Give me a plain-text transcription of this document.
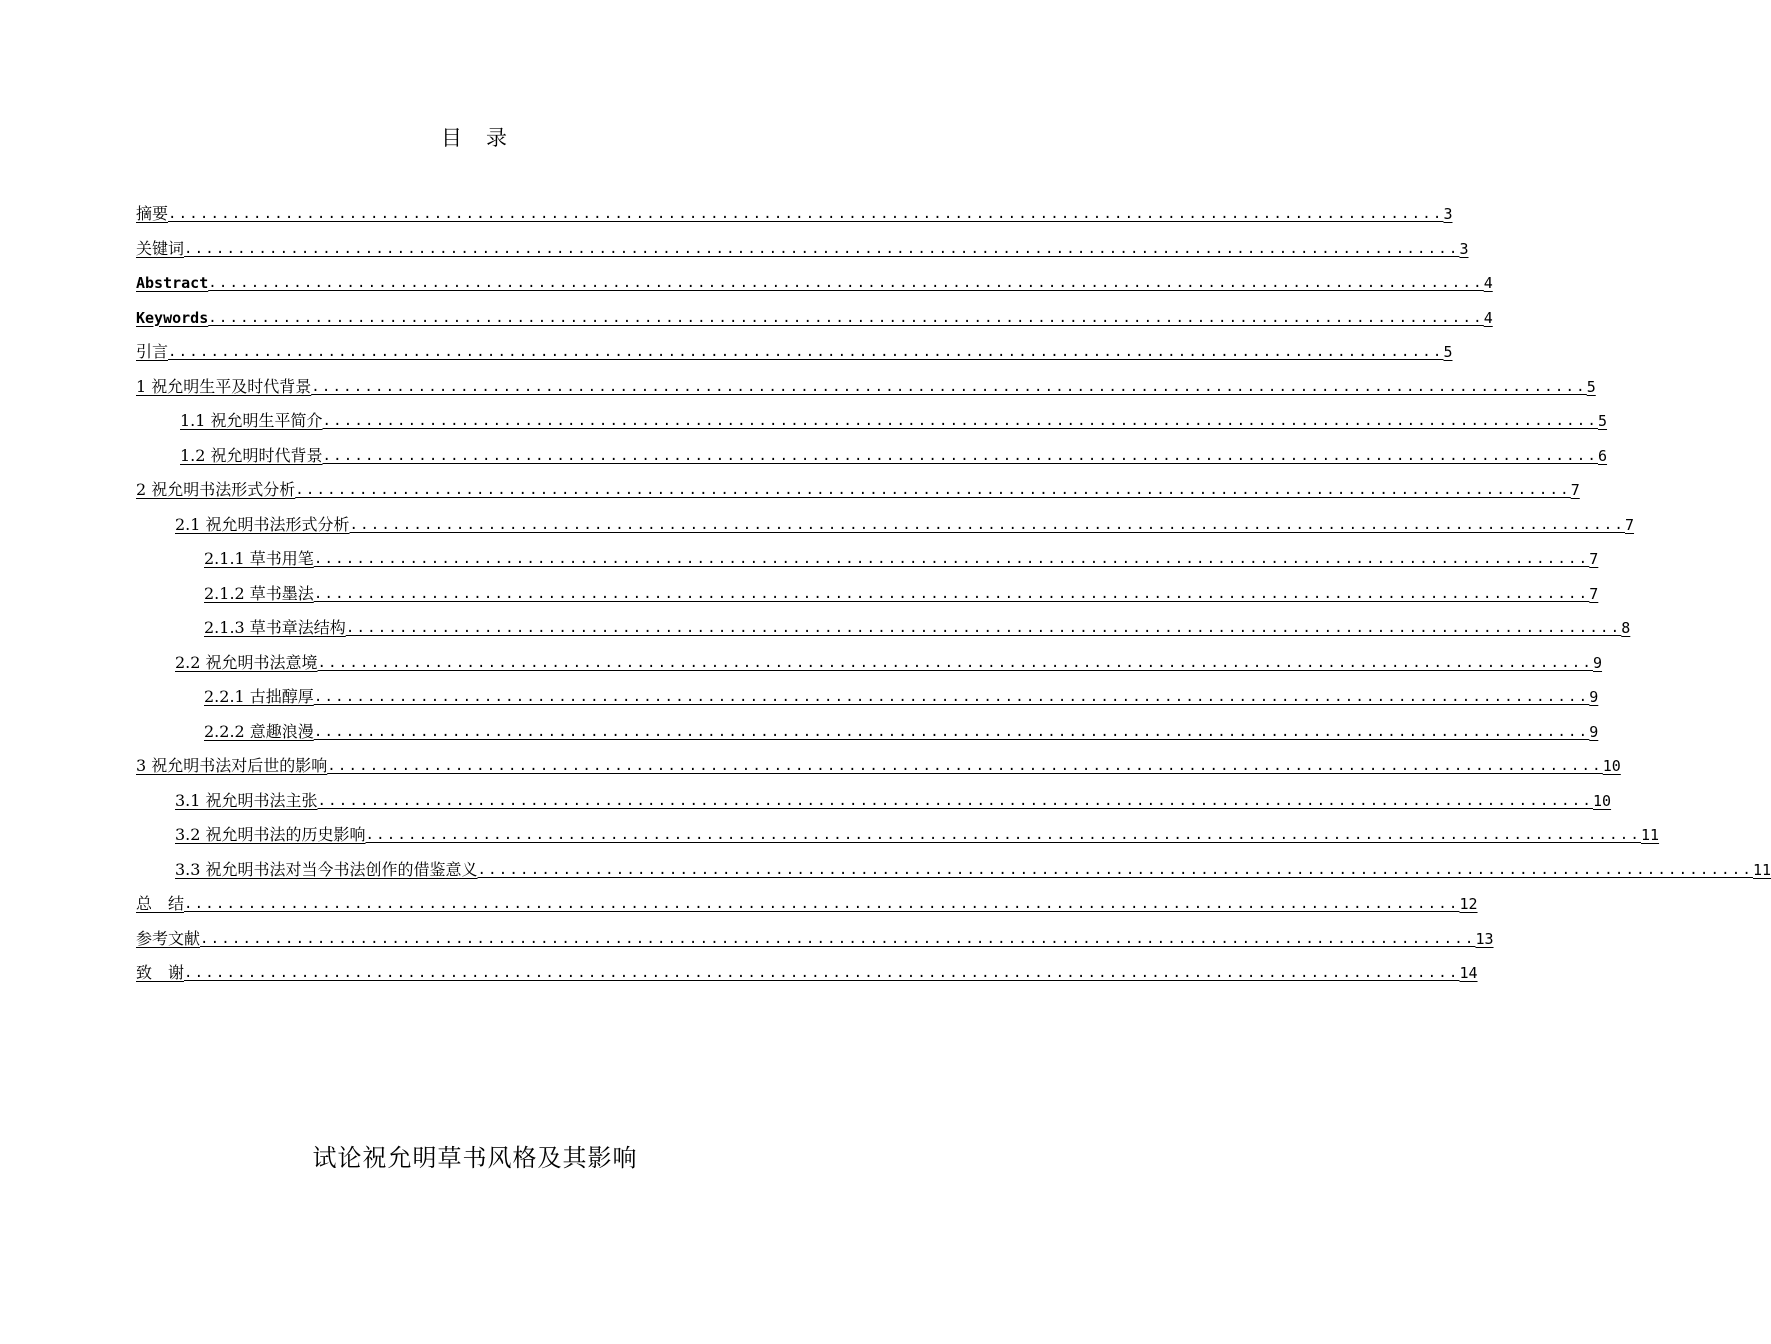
目 录
摘要 ........................................................................................................................ 3
关键词 ........................................................................................................................ 3
Abstract ........................................................................................................................ 4
Keywords ........................................................................................................................ 4
引言 ........................................................................................................................ 5
1 祝允明生平及时代背景 ........................................................................................................................ 5
1.1 祝允明生平简介 ........................................................................................................................ 5
1.2 祝允明时代背景 ........................................................................................................................ 6
2 祝允明书法形式分析 ........................................................................................................................ 7
2.1 祝允明书法形式分析 ........................................................................................................................ 7
2.1.1 草书用笔 ........................................................................................................................ 7
2.1.2 草书墨法 ........................................................................................................................ 7
2.1.3 草书章法结构 ........................................................................................................................ 8
2.2 祝允明书法意境 ........................................................................................................................ 9
2.2.1 古拙醇厚 ........................................................................................................................ 9
2.2.2 意趣浪漫 ........................................................................................................................ 9
3 祝允明书法对后世的影响 ........................................................................................................................ 10
3.1 祝允明书法主张 ........................................................................................................................ 10
3.2 祝允明书法的历史影响 ........................................................................................................................ 11
3.3 祝允明书法对当今书法创作的借鉴意义 ........................................................................................................................ 11
总　结 ........................................................................................................................ 12
参考文献 ........................................................................................................................ 13
致　谢 ........................................................................................................................ 14
试论祝允明草书风格及其影响
